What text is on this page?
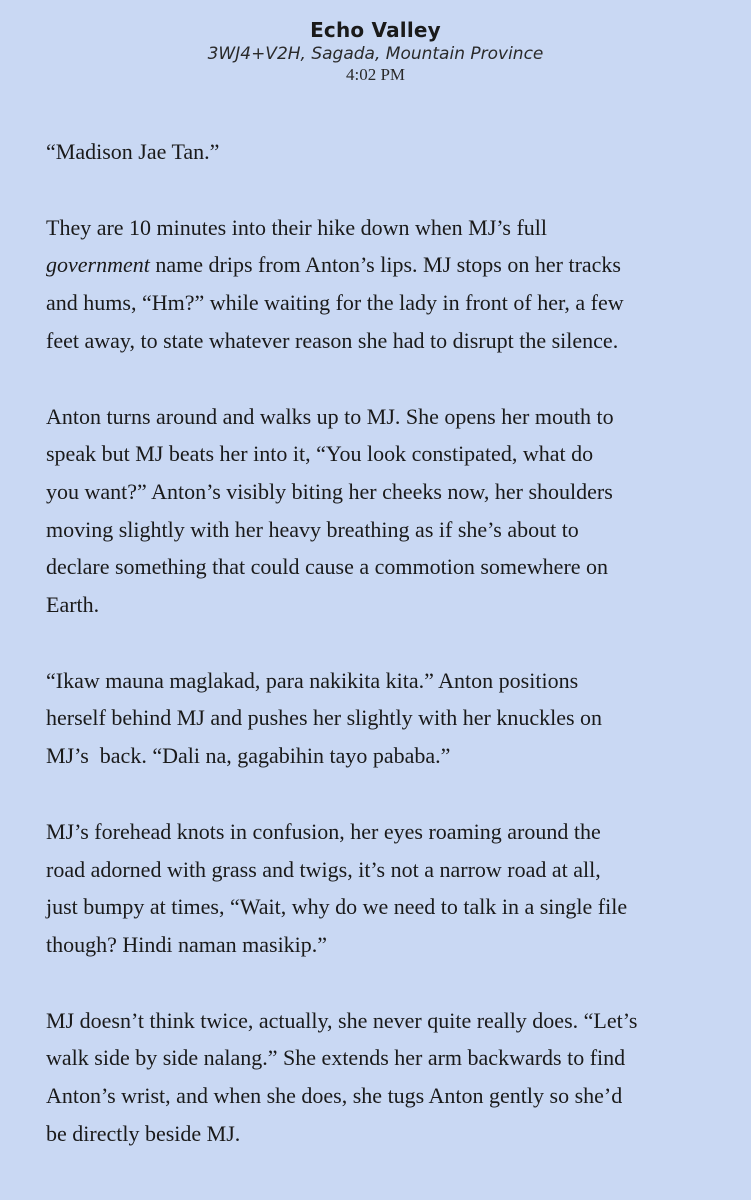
Echo Valley
3WJ4+V2H, Sagada, Mountain Province
4:02 PM

“Madison Jae Tan.”

They are 10 minutes into their hike down when MJ’s full
government name drips from Anton’s lips. MJ stops on her tracks
and hums, “Hm?” while waiting for the lady in front of her, a few
feet away, to state whatever reason she had to disrupt the silence.

Anton turns around and walks up to MJ. She opens her mouth to
speak but MJ beats her into it, “You look constipated, what do
you want?” Anton’s visibly biting her cheeks now, her shoulders
moving slightly with her heavy breathing as if she’s about to
declare something that could cause a commotion somewhere on
Earth.

“Ikaw mauna maglakad, para nakikita kita.” Anton positions
herself behind MJ and pushes her slightly with her knuckles on
MJ’s  back. “Dali na, gagabihin tayo pababa.”

MJ’s forehead knots in confusion, her eyes roaming around the
road adorned with grass and twigs, it’s not a narrow road at all,
just bumpy at times, “Wait, why do we need to talk in a single file
though? Hindi naman masikip.”

MJ doesn’t think twice, actually, she never quite really does. “Let’s
walk side by side nalang.” She extends her arm backwards to find
Anton’s wrist, and when she does, she tugs Anton gently so she’d
be directly beside MJ.
